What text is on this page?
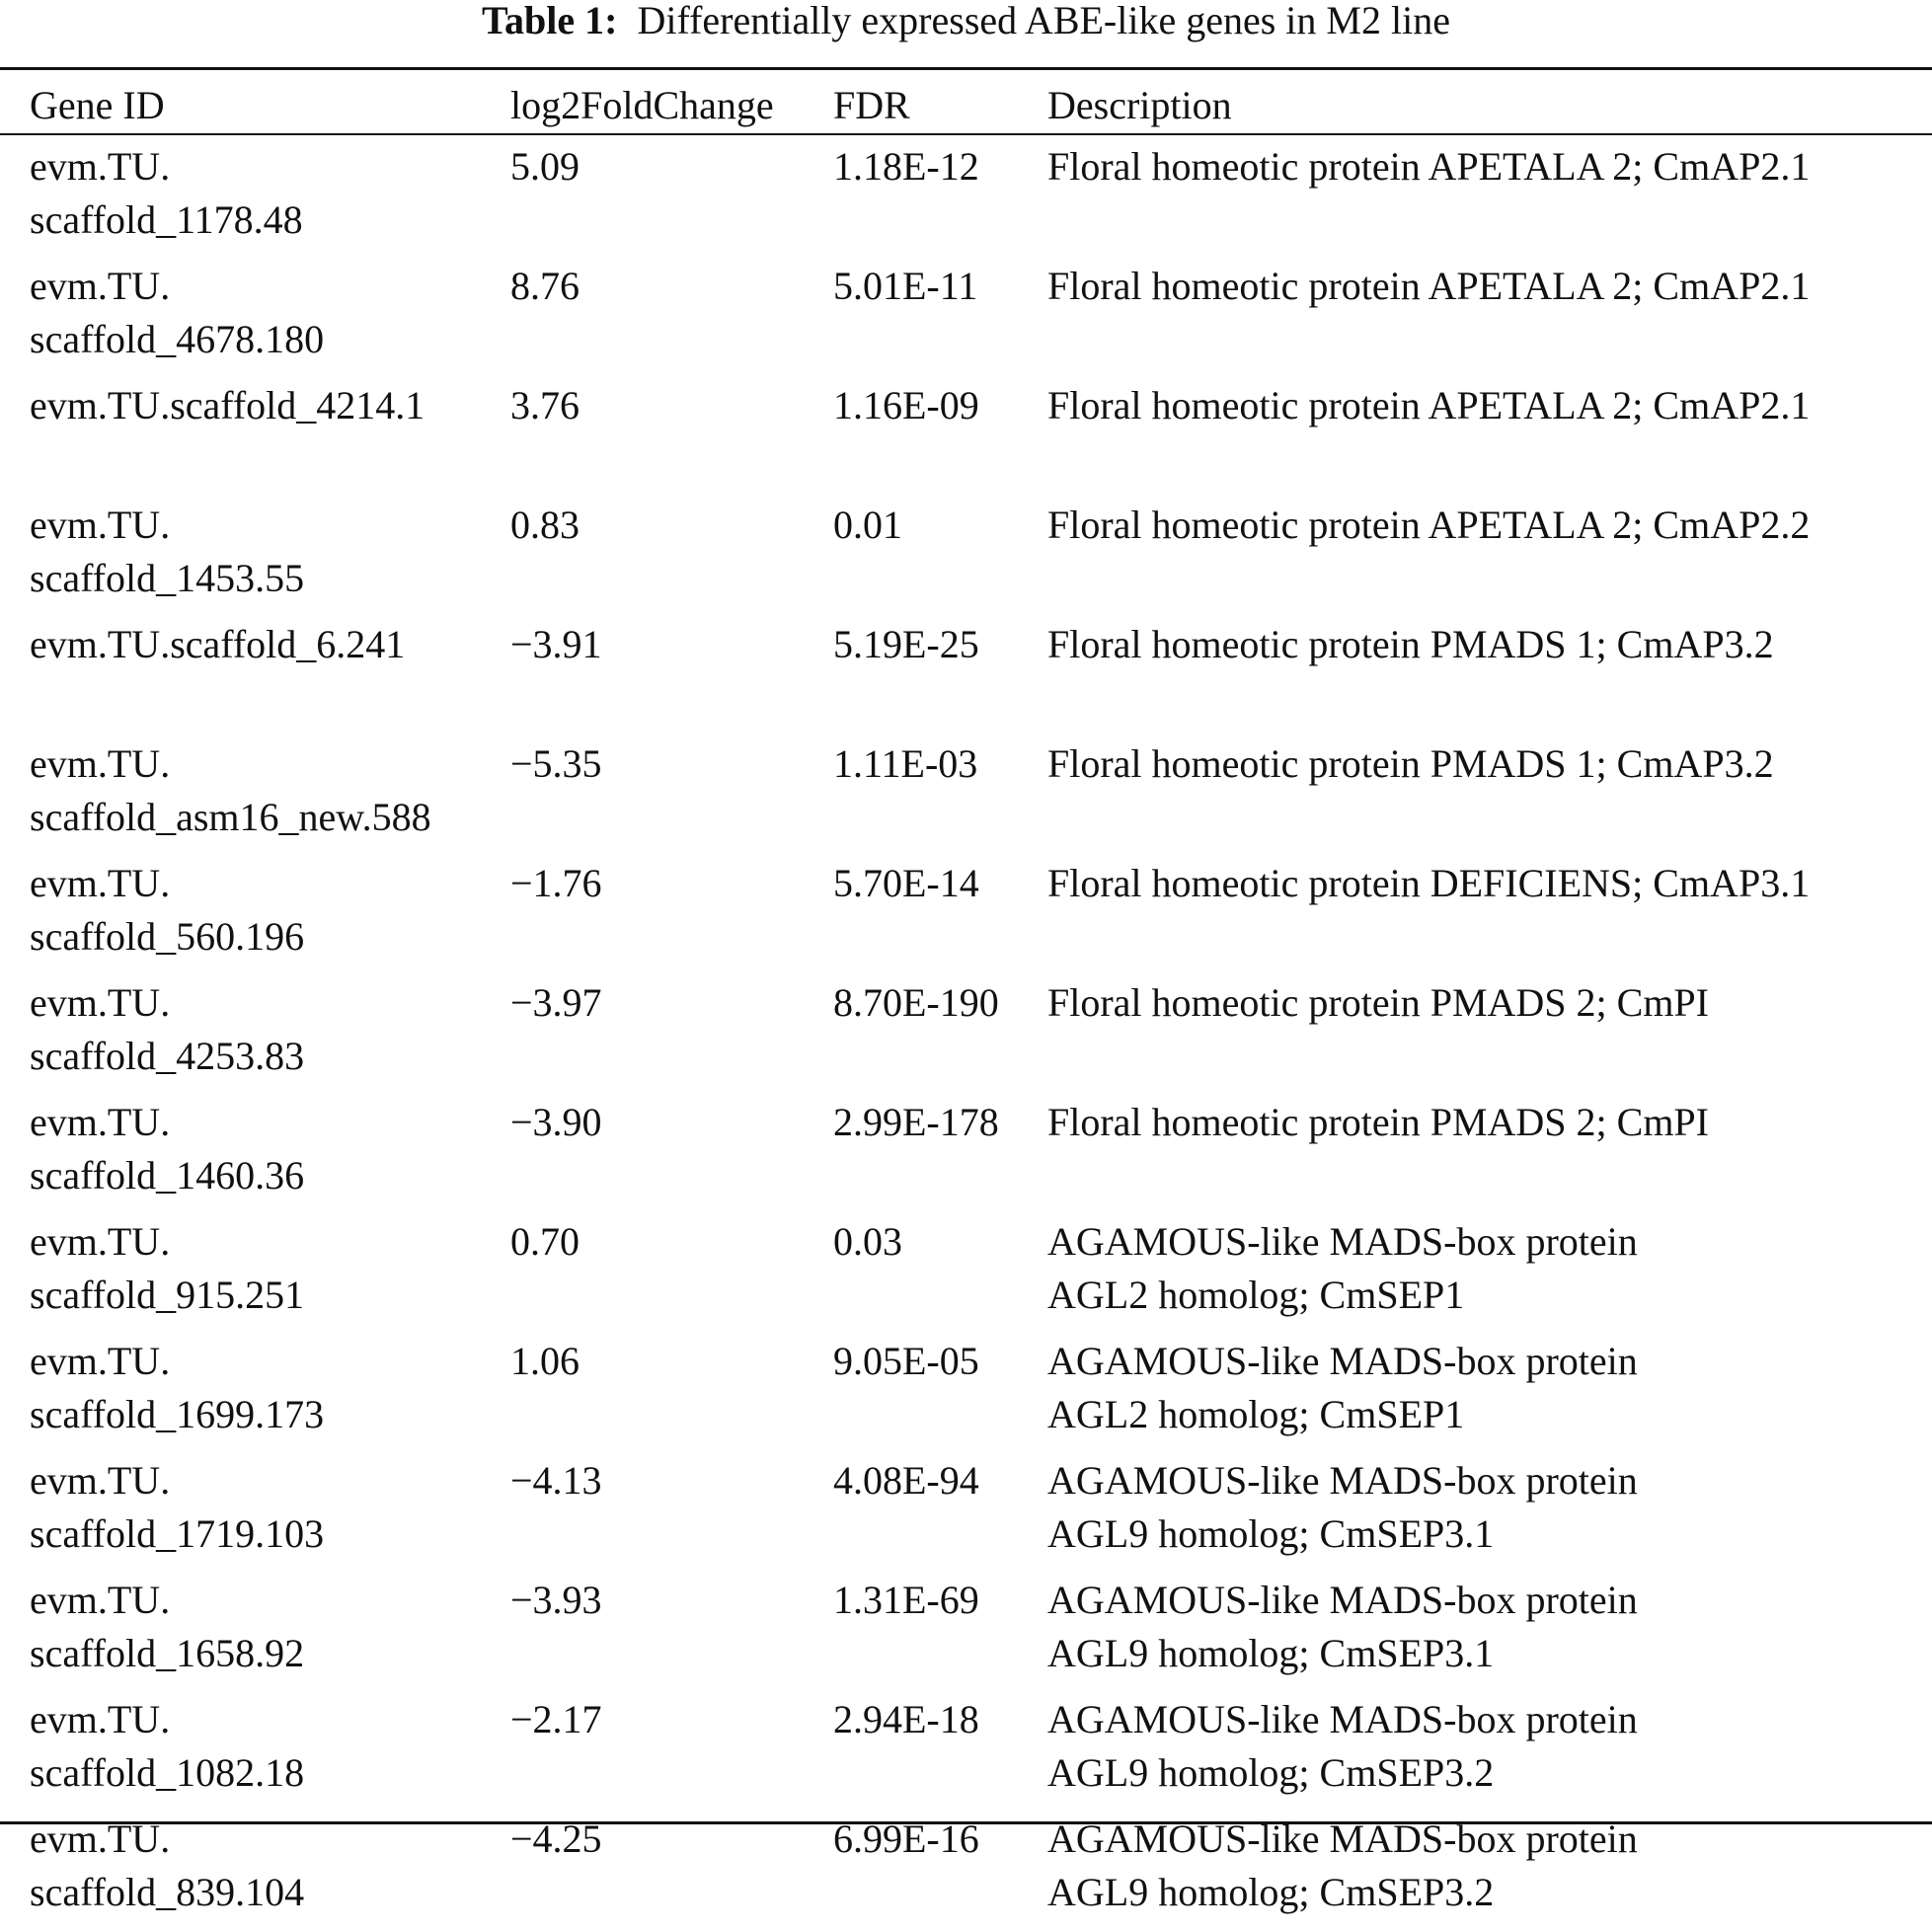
Table 1: Differentially expressed ABE-like genes in M2 line
Gene ID	log2FoldChange	FDR	Description

evm.TU.
scaffold_1178.48	5.09	1.18E-12	Floral homeotic protein APETALA 2; CmAP2.1

evm.TU.
scaffold_4678.180	8.76	5.01E-11	Floral homeotic protein APETALA 2; CmAP2.1

evm.TU.scaffold_4214.1	3.76	1.16E-09	Floral homeotic protein APETALA 2; CmAP2.1

evm.TU.
scaffold_1453.55	0.83	0.01	Floral homeotic protein APETALA 2; CmAP2.2

evm.TU.scaffold_6.241	−3.91	5.19E-25	Floral homeotic protein PMADS 1; CmAP3.2

evm.TU.
scaffold_asm16_new.588	−5.35	1.11E-03	Floral homeotic protein PMADS 1; CmAP3.2

evm.TU.
scaffold_560.196	−1.76	5.70E-14	Floral homeotic protein DEFICIENS; CmAP3.1

evm.TU.
scaffold_4253.83	−3.97	8.70E-190	Floral homeotic protein PMADS 2; CmPI

evm.TU.
scaffold_1460.36	−3.90	2.99E-178	Floral homeotic protein PMADS 2; CmPI

evm.TU.
scaffold_915.251	0.70	0.03	AGAMOUS-like MADS-box protein
AGL2 homolog; CmSEP1

evm.TU.
scaffold_1699.173	1.06	9.05E-05	AGAMOUS-like MADS-box protein
AGL2 homolog; CmSEP1

evm.TU.
scaffold_1719.103	−4.13	4.08E-94	AGAMOUS-like MADS-box protein
AGL9 homolog; CmSEP3.1

evm.TU.
scaffold_1658.92	−3.93	1.31E-69	AGAMOUS-like MADS-box protein
AGL9 homolog; CmSEP3.1

evm.TU.
scaffold_1082.18	−2.17	2.94E-18	AGAMOUS-like MADS-box protein
AGL9 homolog; CmSEP3.2

evm.TU.
scaffold_839.104	−4.25	6.99E-16	AGAMOUS-like MADS-box protein
AGL9 homolog; CmSEP3.2
